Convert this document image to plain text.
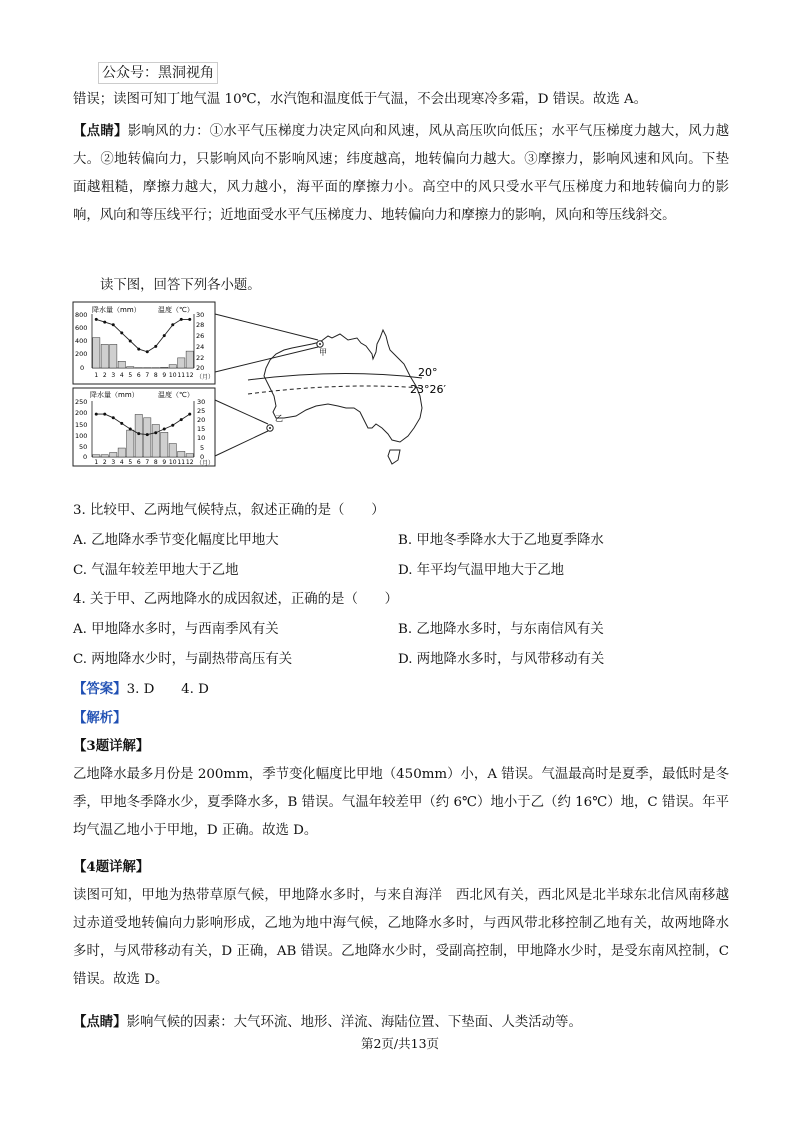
公众号：黑洞视角
错误；读图可知丁地气温 10℃，水汽饱和温度低于气温，不会出现寒冷多霜，D 错误。故选 A。
【点睛】影响风的力：①水平气压梯度力决定风向和风速，风从高压吹向低压；水平气压梯度力越大，风力越大。②地转偏向力，只影响风向不影响风速；纬度越高，地转偏向力越大。③摩擦力，影响风速和风向。下垫面越粗糙，摩擦力越大，风力越小，海平面的摩擦力小。高空中的风只受水平气压梯度力和地转偏向力的影响，风向和等压线平行；近地面受水平气压梯度力、地转偏向力和摩擦力的影响，风向和等压线斜交。
读下图，回答下列各小题。
降水量（mm） 温度（℃）
800
600
400
200
0
30
28
26
24
22
20
1 2 3 4 5 6 7 8 9 10 11 12 （月）
降水量（mm）	温度（℃）
250
200
150
100
50
0
30
25
20
15
10
5
0
1 2 3 4 5 6 7 8 9 10 11 12 （月）
20°
23°26′
甲
乙
3. 比较甲、乙两地气候特点，叙述正确的是（　　）
A. 乙地降水季节变化幅度比甲地大	B. 甲地冬季降水大于乙地夏季降水
C. 气温年较差甲地大于乙地	D. 年平均气温甲地大于乙地
4. 关于甲、乙两地降水的成因叙述，正确的是（　　）
A. 甲地降水多时，与西南季风有关	B. 乙地降水多时，与东南信风有关
C. 两地降水少时，与副热带高压有关	D. 两地降水多时，与风带移动有关
【答案】3. D　　4. D
【解析】
【3题详解】
乙地降水最多月份是 200mm，季节变化幅度比甲地（450mm）小，A 错误。气温最高时是夏季，最低时是冬季，甲地冬季降水少，夏季降水多，B 错误。气温年较差甲（约 6℃）地小于乙（约 16℃）地，C 错误。年平均气温乙地小于甲地，D 正确。故选 D。
【4题详解】
读图可知，甲地为热带草原气候，甲地降水多时，与来自海洋　西北风有关，西北风是北半球东北信风南移越过赤道受地转偏向力影响形成，乙地为地中海气候，乙地降水多时，与西风带北移控制乙地有关，故两地降水多时，与风带移动有关，D 正确，AB 错误。乙地降水少时，受副高控制，甲地降水少时，是受东南风控制，C 错误。故选 D。
【点睛】影响气候的因素：大气环流、地形、洋流、海陆位置、下垫面、人类活动等。
第2页/共13页
